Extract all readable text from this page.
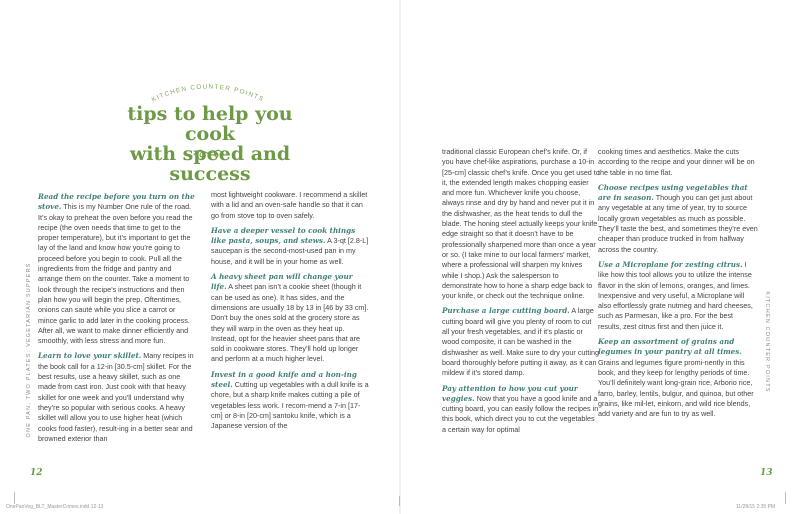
KITCHEN COUNTER POINTS
tips to help you cook
with speed and success

Read the recipe before you turn on the stove. This is my Number One rule of the road. It’s okay to preheat the oven before you read the recipe (the oven needs that time to get to the proper temperature), but it’s important to get the lay of the land and know how you’re going to proceed before you begin to cook. Pull all the ingredients from the fridge and pantry and arrange them on the counter. Take a moment to look through the recipe’s instructions and then plan how you will begin the prep. Oftentimes, onions can sauté while you slice a carrot or mince garlic to add later in the cooking process. After all, we want to make dinner efficiently and smoothly, with less stress and more fun.

Learn to love your skillet. Many recipes in the book call for a 12-in [30.5-cm] skillet. For the best results, use a heavy skillet, such as one made from cast iron. Just cook with that heavy skillet for one week and you’ll understand why they’re so popular with serious cooks. A heavy skillet will allow you to use higher heat (which cooks food faster), result-ing in a better sear and browned exterior than

most lightweight cookware. I recommend a skillet with a lid and an oven-safe handle so that it can go from stove top to oven safely.

Have a deeper vessel to cook things like pasta, soups, and stews. A 3-qt [2.8-L] saucepan is the second-most-used pan in my house, and it will be in your home as well.

A heavy sheet pan will change your life. A sheet pan isn’t a cookie sheet (though it can be used as one). It has sides, and the dimensions are usually 18 by 13 in [46 by 33 cm]. Don’t buy the ones sold at the grocery store as they will warp in the oven as they heat up. Instead, opt for the heavier sheet pans that are sold in cookware stores. They’ll hold up longer and perform at a much higher level.

Invest in a good knife and a hon-ing steel. Cutting up vegetables with a dull knife is a chore, but a sharp knife makes cutting a pile of vegetables less work. I recom-mend a 7-in [17-cm] or 8-in [20-cm] santoku knife, which is a Japanese version of the

traditional classic European chef’s knife. Or, if you have chef-like aspirations, purchase a 10-in [25-cm] classic chef’s knife. Once you get used to it, the extended length makes chopping easier and more fun. Whichever knife you choose, always rinse and dry by hand and never put it in the dishwasher, as the heat tends to dull the blade. The honing steel actually keeps your knife edge straight so that it doesn’t have to be professionally sharpened more than once a year or so. (I take mine to our local farmers’ market, where a professional will sharpen my knives while I shop.) Ask the salesperson to demonstrate how to hone a sharp edge back to your knife, or check out the technique online.

Purchase a large cutting board. A large cutting board will give you plenty of room to cut all your fresh vegetables, and if it’s plastic or wood composite, it can be washed in the dishwasher as well. Make sure to dry your cutting board thoroughly before putting it away, as it can mildew if it’s stored damp.

Pay attention to how you cut your veggies. Now that you have a good knife and a cutting board, you can easily follow the recipes in this book, which direct you to cut the vegetables a certain way for optimal

cooking times and aesthetics. Make the cuts according to the recipe and your dinner will be on the table in no time flat.

Choose recipes using vegetables that are in season. Though you can get just about any vegetable at any time of year, try to source locally grown vegetables as much as possible. They’ll taste the best, and sometimes they’re even cheaper than produce trucked in from halfway across the country.

Use a Microplane for zesting citrus. I like how this tool allows you to utilize the intense flavor in the skin of lemons, oranges, and limes. Inexpensive and very useful, a Microplane will also effortlessly grate nutmeg and hard cheeses, such as Parmesan, like a pro. For the best results, zest citrus first and then juice it.

Keep an assortment of grains and legumes in your pantry at all times. Grains and legumes figure promi-nently in this book, and they keep for lengthy periods of time. You’ll definitely want long-grain rice, Arborio rice, farro, barley, lentils, bulgur, and quinoa, but other grains, like mil-let, einkorn, and wild rice blends, add variety and are fun to try as well.

ONE PAN, TWO PLATES: VEGETARIAN SUPPERS	KITCHEN COUNTER POINTS
12	13
OnePanVeg_BLT_MasterCrimes.indd 12-13	11/28/15 2:35 PM
